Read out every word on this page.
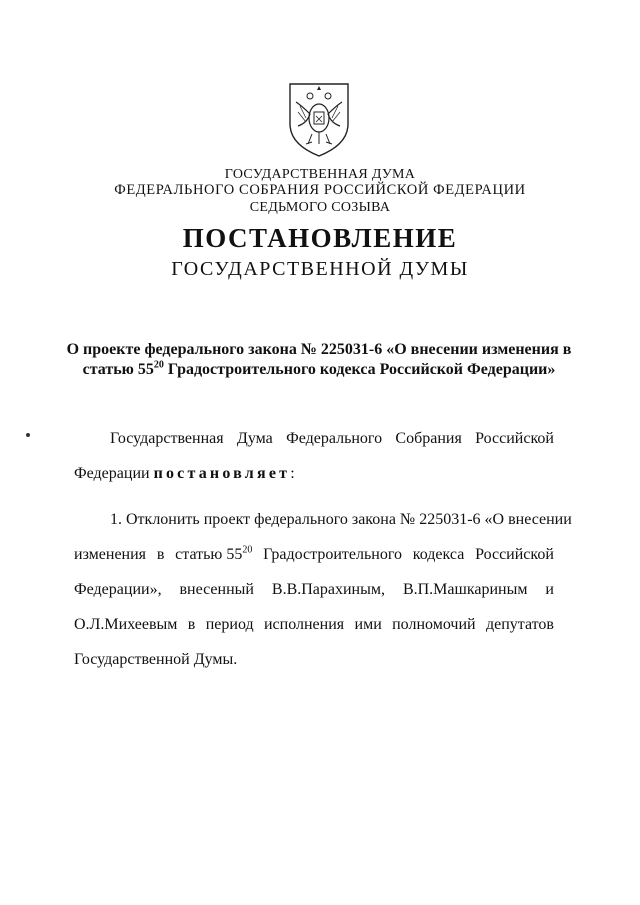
ГОСУДАРСТВЕННАЯ ДУМА
ФЕДЕРАЛЬНОГО СОБРАНИЯ РОССИЙСКОЙ ФЕДЕРАЦИИ
СЕДЬМОГО СОЗЫВА
ПОСТАНОВЛЕНИЕ
ГОСУДАРСТВЕННОЙ ДУМЫ
О проекте федерального закона № 225031-6 «О внесении изменения в
статью $55^{20}$ Градостроительного кодекса Российской Федерации»
Государственная Дума Федерального Собрания Российской
Федерации постановляет :
1. Отклонить проект федерального закона № 225031-6 «О внесении
изменения в статью $55^{20}$ Градостроительного кодекса Российской
Федерации», внесенный В.В.Парахиным, В.П.Машкариным и
О.Л.Михеевым в период исполнения ими полномочий депутатов
Государственной Думы.
